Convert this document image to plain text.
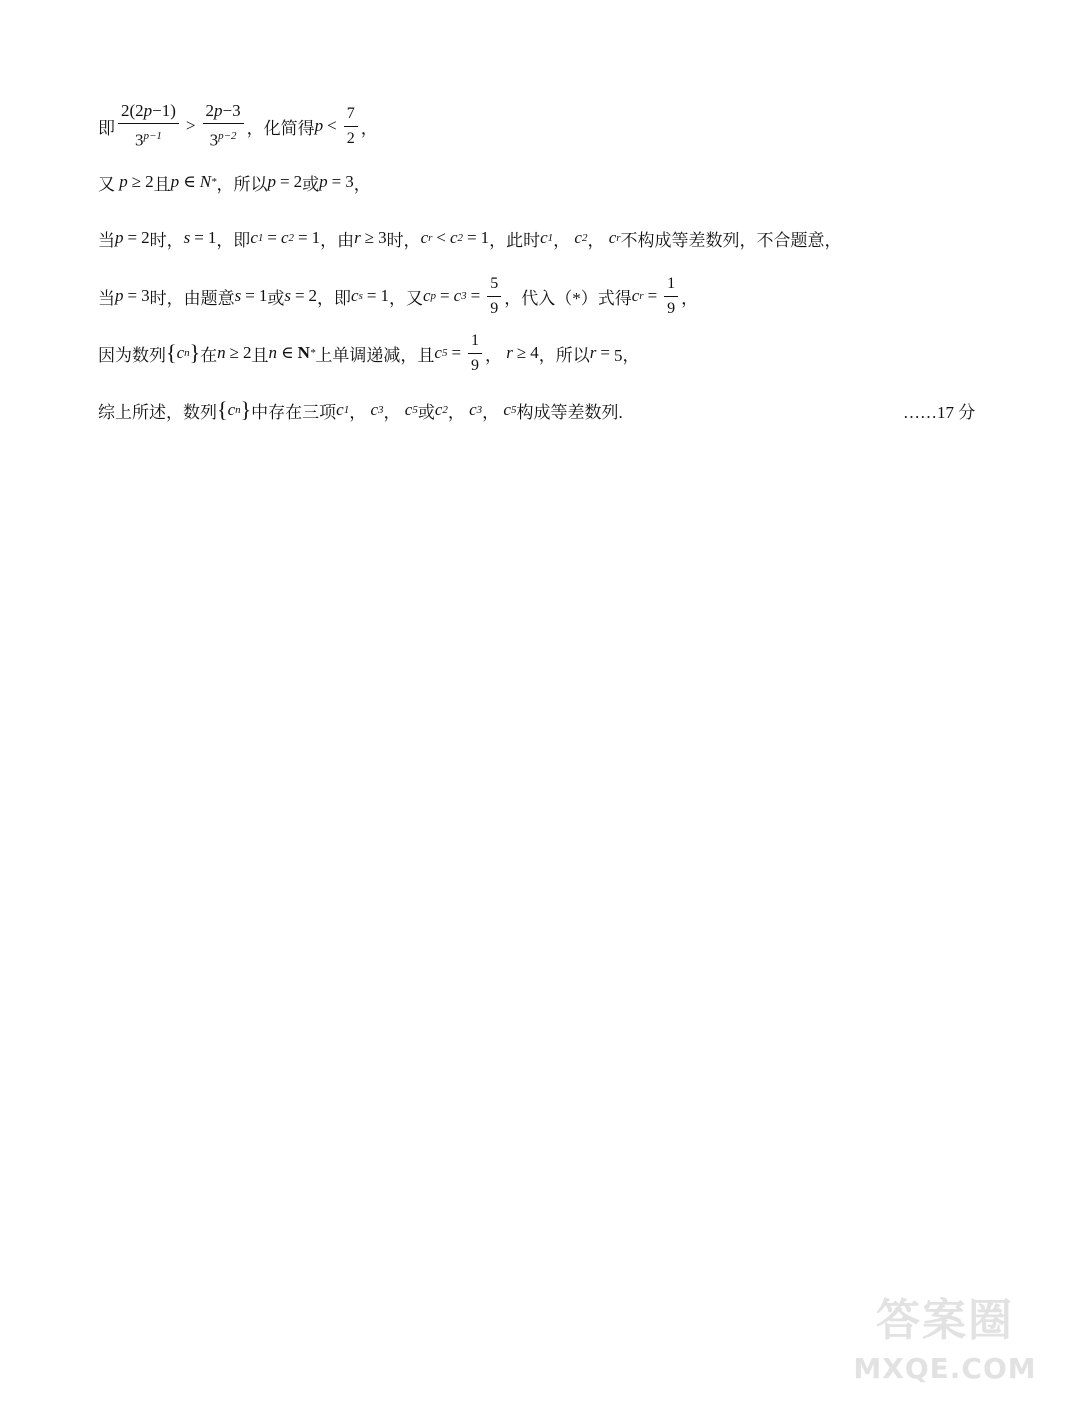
即 $\frac{2(2p-1)}{3^{p-1}} > \frac{2p-3}{3^{p-2}}$ ，化简得 $p < \frac{7}{2}$ ，
又 p ≥ 2 且 p ∈ N * ，所以 p = 2 或 p = 3 ，
当 p = 2 时， s = 1 ，即 c 1 = c 2 = 1 ，由 r ≥ 3 时， c r < c 2 = 1 ，此时 c 1 ， c 2 ， c r 不构成等差数列，不合题意，
当 p = 3 时，由题意 s = 1 或 s = 2 ，即 c s = 1 ，又 c p = c $3 = \frac{5}{9}$ ，代入（*）式得 c $r = \frac{1}{9}$ ，
因为数列 { c n } 在 n ≥ 2 且 n ∈ N * 上单调递减，且 c $5 = \frac{1}{9}$ ， r ≥ 4 ，所以 r = 5，
综上所述，数列 { c n } 中存在三项 c 1 ， c 3 ， c 5 或 c 2 ， c 3 ， c 5 构成等差数列.	……17 分
答案圈
MXQE.COM
